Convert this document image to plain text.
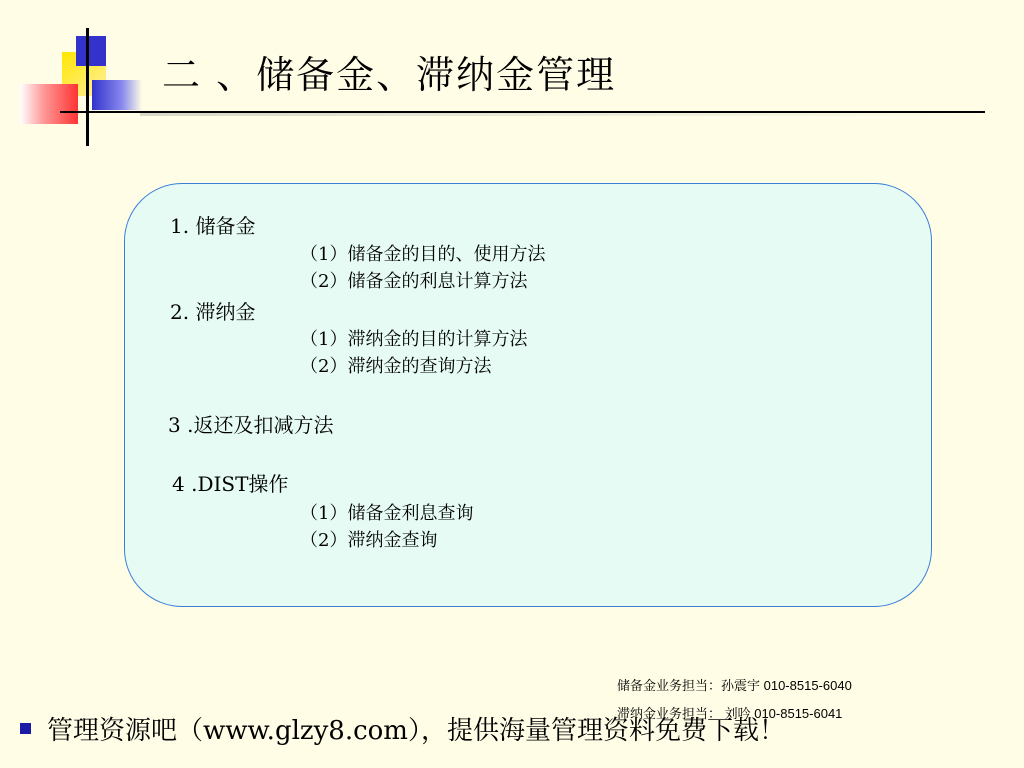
二 、储备金、滞纳金管理
1. 储备金
（1）储备金的目的、使用方法
（2）储备金的利息计算方法
2. 滞纳金
（1）滞纳金的目的计算方法
（2）滞纳金的查询方法
3 .返还及扣减方法
4 .DIST操作
（1）储备金利息查询
（2）滞纳金查询
储备金业务担当：孙震宇 010-8515-6040
滞纳金业务担当： 刘吟 010-8515-6041
管理资源吧（www.glzy8.com），提供海量管理资料免费下载！
